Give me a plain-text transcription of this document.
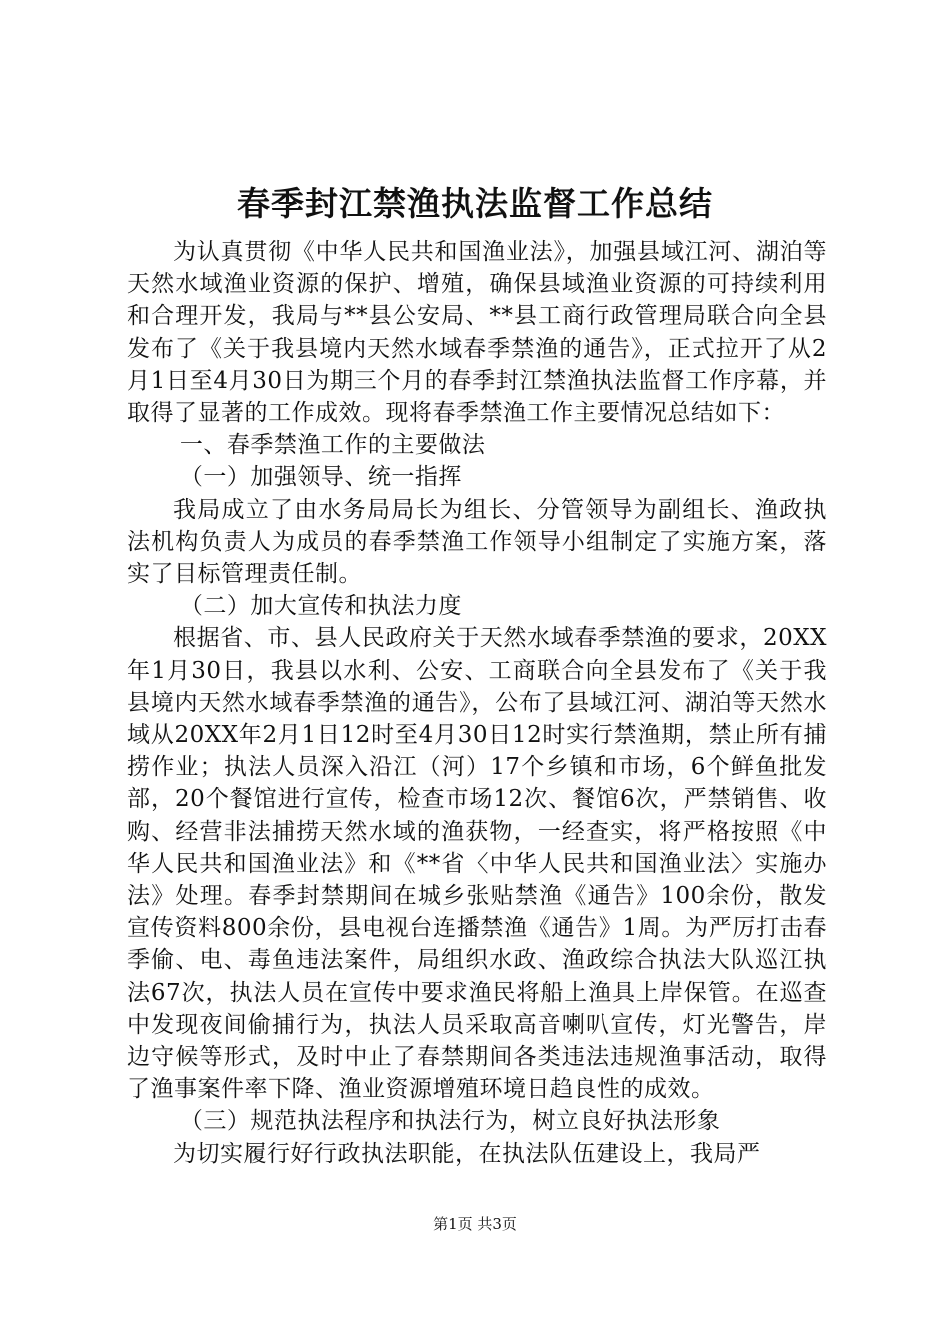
春季封江禁渔执法监督工作总结

为认真贯彻《中华人民共和国渔业法》，加强县域江河、湖泊等天然水域渔业资源的保护、增殖，确保县域渔业资源的可持续利用和合理开发，我局与**县公安局、**县工商行政管理局联合向全县发布了《关于我县境内天然水域春季禁渔的通告》，正式拉开了从2月1日至4月30日为期三个月的春季封江禁渔执法监督工作序幕，并取得了显著的工作成效。现将春季禁渔工作主要情况总结如下：

一、春季禁渔工作的主要做法

（一）加强领导、统一指挥

我局成立了由水务局局长为组长、分管领导为副组长、渔政执法机构负责人为成员的春季禁渔工作领导小组制定了实施方案，落实了目标管理责任制。

（二）加大宣传和执法力度

根据省、市、县人民政府关于天然水域春季禁渔的要求，20XX年1月30日，我县以水利、公安、工商联合向全县发布了《关于我县境内天然水域春季禁渔的通告》，公布了县域江河、湖泊等天然水域从20XX年2月1日12时至4月30日12时实行禁渔期，禁止所有捕捞作业；执法人员深入沿江（河）17个乡镇和市场，6个鲜鱼批发部，20个餐馆进行宣传，检查市场12次、餐馆6次，严禁销售、收购、经营非法捕捞天然水域的渔获物，一经查实，将严格按照《中华人民共和国渔业法》和《**省〈中华人民共和国渔业法〉实施办法》处理。春季封禁期间在城乡张贴禁渔《通告》100余份，散发宣传资料800余份，县电视台连播禁渔《通告》1周。为严厉打击春季偷、电、毒鱼违法案件，局组织水政、渔政综合执法大队巡江执法67次，执法人员在宣传中要求渔民将船上渔具上岸保管。在巡查中发现夜间偷捕行为，执法人员采取高音喇叭宣传，灯光警告，岸边守候等形式，及时中止了春禁期间各类违法违规渔事活动，取得了渔事案件率下降、渔业资源增殖环境日趋良性的成效。

（三）规范执法程序和执法行为，树立良好执法形象

为切实履行好行政执法职能，在执法队伍建设上，我局严

第1页 共3页
